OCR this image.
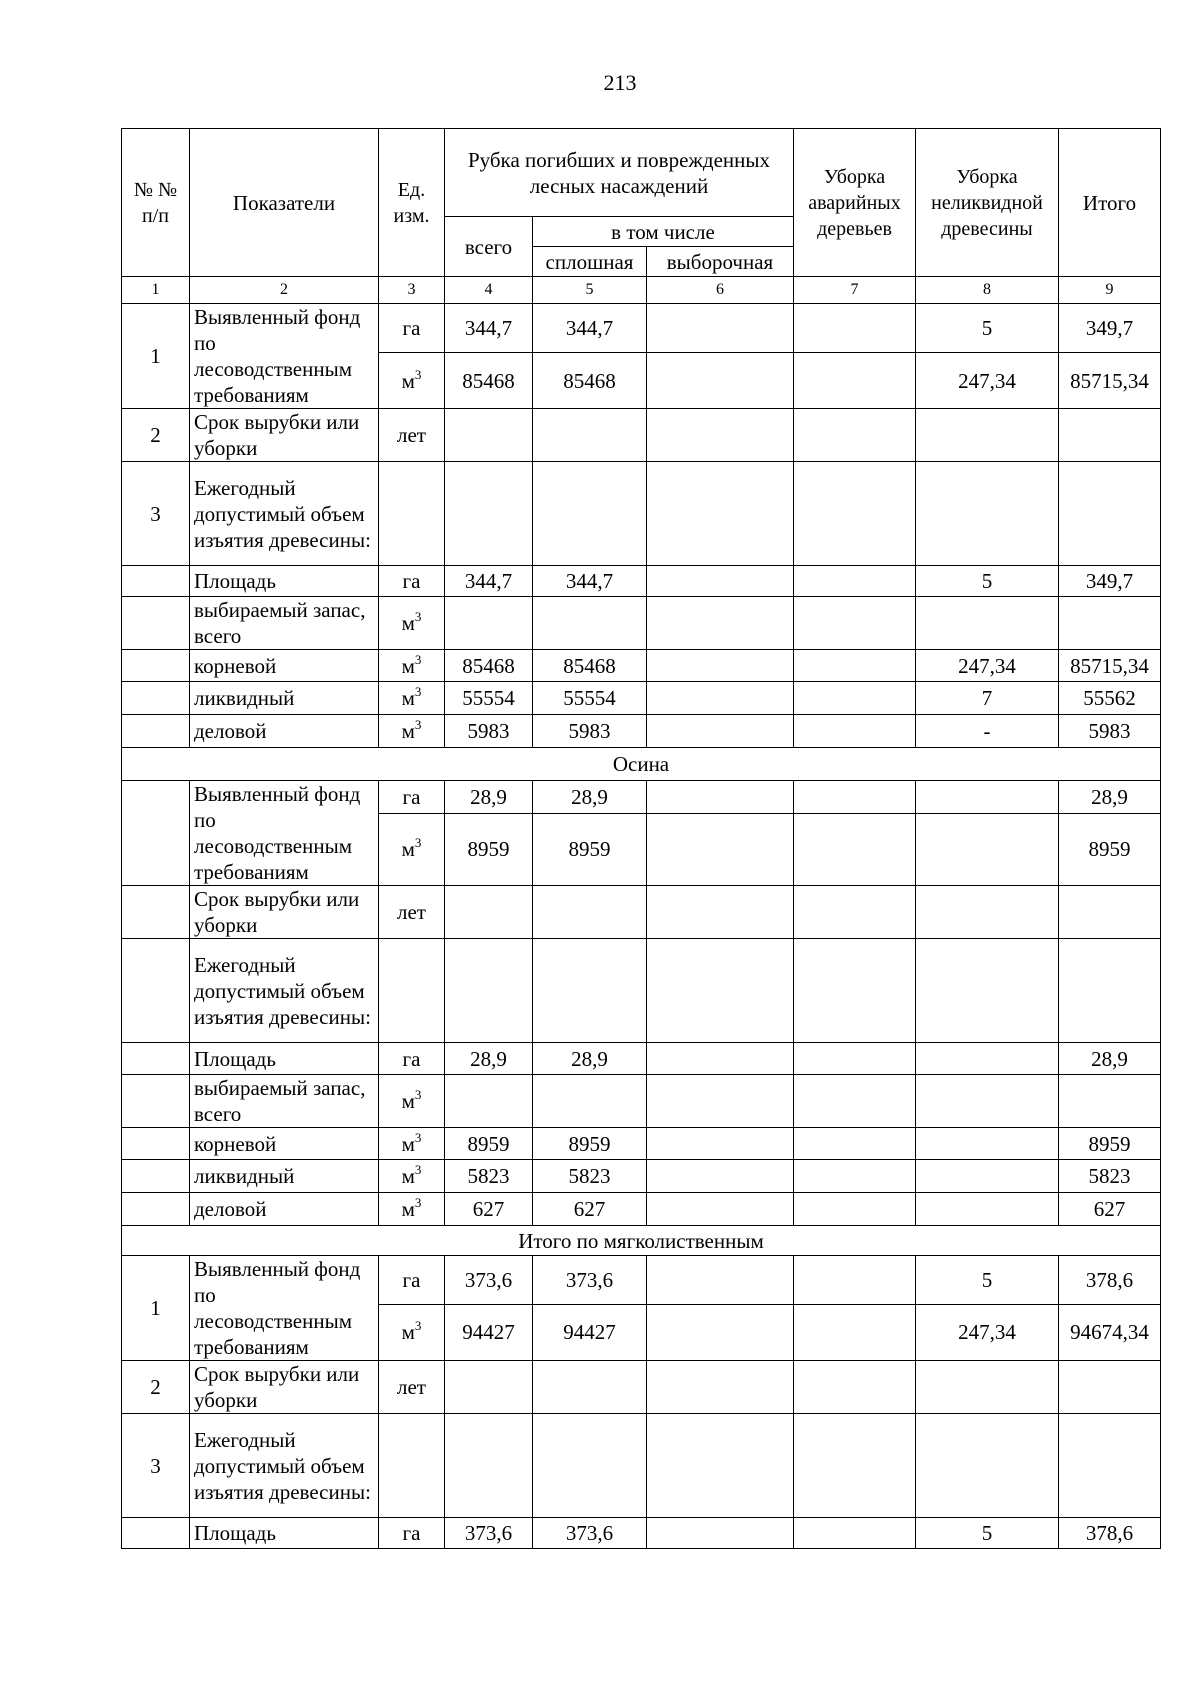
213
№ № п/п	Показатели	Ед. изм.	Рубка погибших и поврежденных лесных насаждений			Уборка аварийных деревьев	Уборка неликвидной древесины	Итого
			всего	в том числе				
				сплошная	выборочная			
1	2	3	4	5	6	7	8	9
1	Выявленный фонд по лесоводственным требованиям	га	344,7	344,7			5	349,7
		$м^3$	85468	85468			247,34	85715,34
2	Срок вырубки или уборки	лет						
3	Ежегодный допустимый объем изъятия древесины:							
	Площадь	га	344,7	344,7			5	349,7
	выбираемый запас, всего	$м^3$						
	корневой	$м^3$	85468	85468			247,34	85715,34
	ликвидный	$м^3$	55554	55554			7	55562
	деловой	$м^3$	5983	5983			-	5983
Осина								
	Выявленный фонд по лесоводственным требованиям	га	28,9	28,9				28,9
		$м^3$	8959	8959				8959
	Срок вырубки или уборки	лет						
	Ежегодный допустимый объем изъятия древесины:							
	Площадь	га	28,9	28,9				28,9
	выбираемый запас, всего	$м^3$						
	корневой	$м^3$	8959	8959				8959
	ликвидный	$м^3$	5823	5823				5823
	деловой	$м^3$	627	627				627
Итого по мягколиственным								
1	Выявленный фонд по лесоводственным требованиям	га	373,6	373,6			5	378,6
		$м^3$	94427	94427			247,34	94674,34
2	Срок вырубки или уборки	лет						
3	Ежегодный допустимый объем изъятия древесины:							
	Площадь	га	373,6	373,6			5	378,6
